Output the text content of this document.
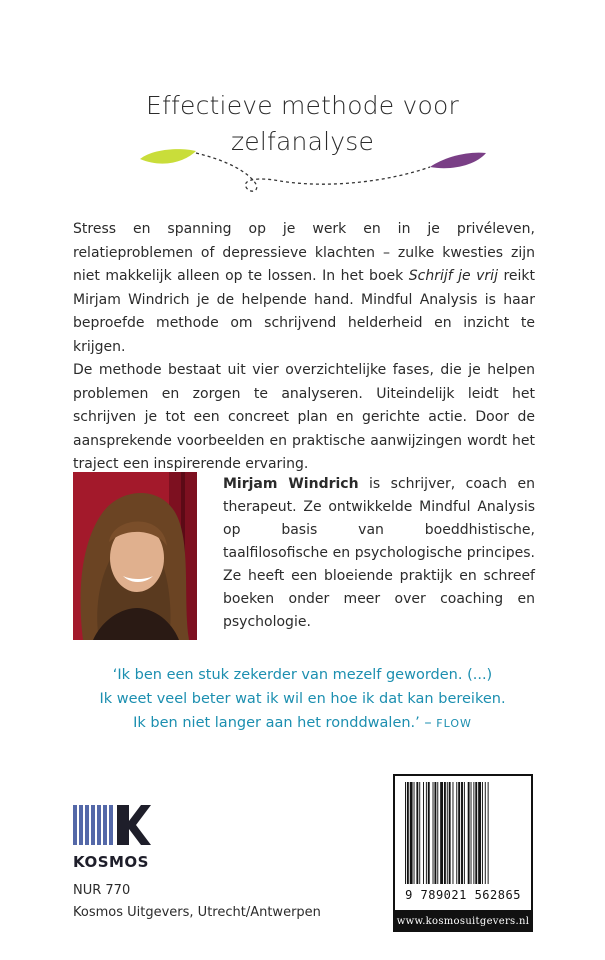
Effectieve methode voor
zelfanalyse

Stress en spanning op je werk en in je privéleven, relatieproblemen of depressieve klachten – zulke kwesties zijn niet makkelijk alleen op te lossen. In het boek Schrijf je vrij reikt Mirjam Windrich je de helpende hand. Mindful Analysis is haar beproefde methode om schrijvend helderheid en inzicht te krijgen.

De methode bestaat uit vier overzichtelijke fases, die je helpen problemen en zorgen te analyseren. Uiteindelijk leidt het schrijven je tot een concreet plan en gerichte actie. Door de aansprekende voorbeelden en praktische aanwijzingen wordt het traject een inspirerende ervaring.

Mirjam Windrich is schrijver, coach en therapeut. Ze ontwikkelde Mindful Analysis op basis van boeddhistische, taalfilosofische en psychologische principes. Ze heeft een bloeiende praktijk en schreef boeken onder meer over coaching en psychologie.

‘Ik ben een stuk zekerder van mezelf geworden. (...)
Ik weet veel beter wat ik wil en hoe ik dat kan bereiken.
Ik ben niet langer aan het ronddwalen.’ – FLOW
KOSMOS
NUR 770
Kosmos Uitgevers, Utrecht/Antwerpen
9 789021 562865
www.kosmosuitgevers.nl
